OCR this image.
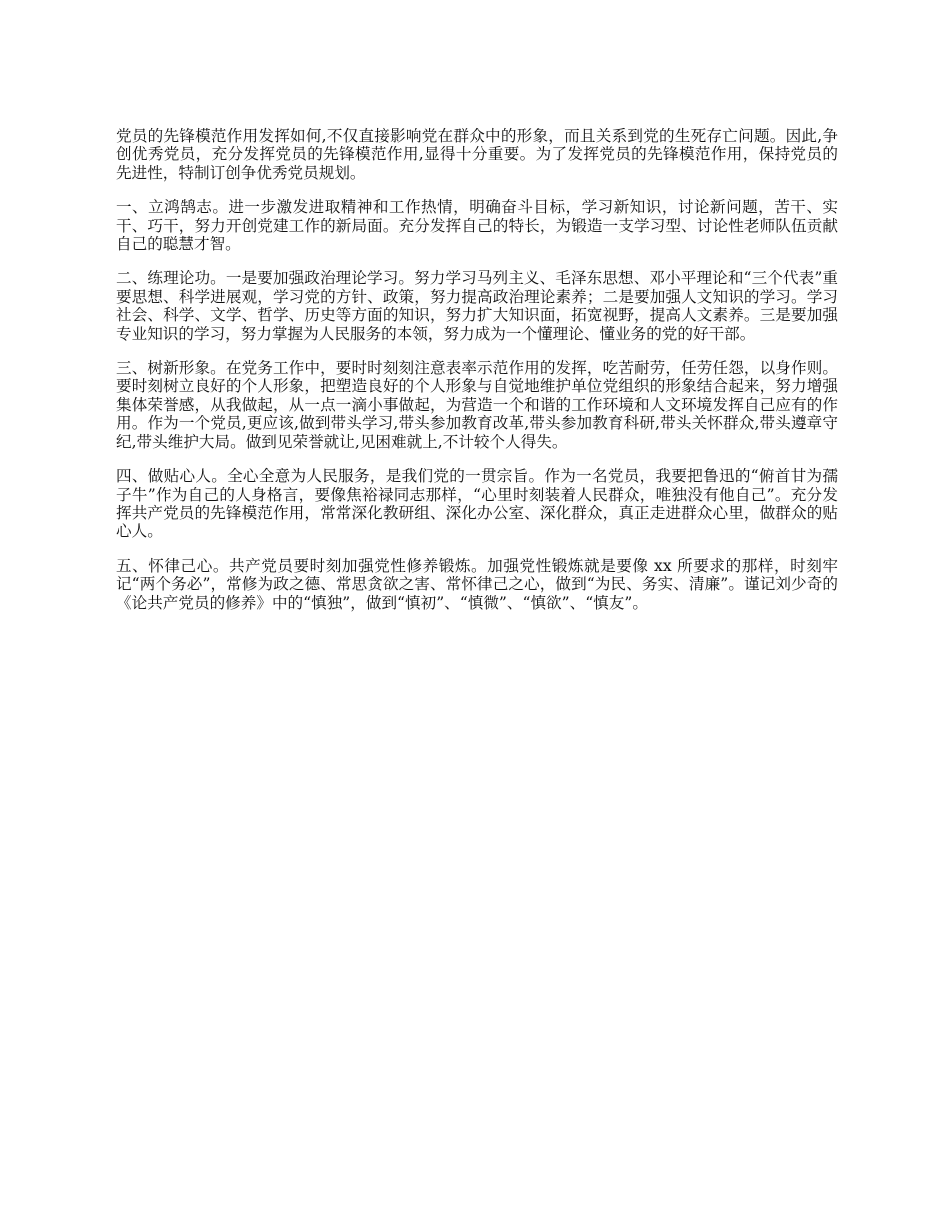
党员的先锋模范作用发挥如何,不仅直接影响党在群众中的形象，而且关系到党的生死存亡问题。因此,争创优秀党员，充分发挥党员的先锋模范作用,显得十分重要。为了发挥党员的先锋模范作用，保持党员的先进性，特制订创争优秀党员规划。

一、立鸿鹄志。进一步激发进取精神和工作热情，明确奋斗目标，学习新知识，讨论新问题，苦干、实干、巧干，努力开创党建工作的新局面。充分发挥自己的特长，为锻造一支学习型、讨论性老师队伍贡献自己的聪慧才智。

二、练理论功。一是要加强政治理论学习。努力学习马列主义、毛泽东思想、邓小平理论和“三个代表”重要思想、科学进展观，学习党的方针、政策，努力提高政治理论素养；二是要加强人文知识的学习。学习社会、科学、文学、哲学、历史等方面的知识，努力扩大知识面，拓宽视野，提高人文素养。三是要加强专业知识的学习，努力掌握为人民服务的本领，努力成为一个懂理论、懂业务的党的好干部。

三、树新形象。在党务工作中，要时时刻刻注意表率示范作用的发挥，吃苦耐劳，任劳任怨，以身作则。要时刻树立良好的个人形象，把塑造良好的个人形象与自觉地维护单位党组织的形象结合起来，努力增强集体荣誉感，从我做起，从一点一滴小事做起，为营造一个和谐的工作环境和人文环境发挥自己应有的作用。作为一个党员,更应该,做到带头学习,带头参加教育改革,带头参加教育科研,带头关怀群众,带头遵章守纪,带头维护大局。做到见荣誉就让,见困难就上,不计较个人得失。

四、做贴心人。全心全意为人民服务，是我们党的一贯宗旨。作为一名党员，我要把鲁迅的“俯首甘为孺子牛”作为自己的人身格言，要像焦裕禄同志那样，“心里时刻装着人民群众，唯独没有他自己”。充分发挥共产党员的先锋模范作用，常常深化教研组、深化办公室、深化群众，真正走进群众心里，做群众的贴心人。

五、怀律己心。共产党员要时刻加强党性修养锻炼。加强党性锻炼就是要像 xx 所要求的那样，时刻牢记“两个务必”，常修为政之德、常思贪欲之害、常怀律己之心，做到“为民、务实、清廉”。谨记刘少奇的《论共产党员的修养》中的“慎独”，做到“慎初”、“慎微”、“慎欲”、“慎友”。
